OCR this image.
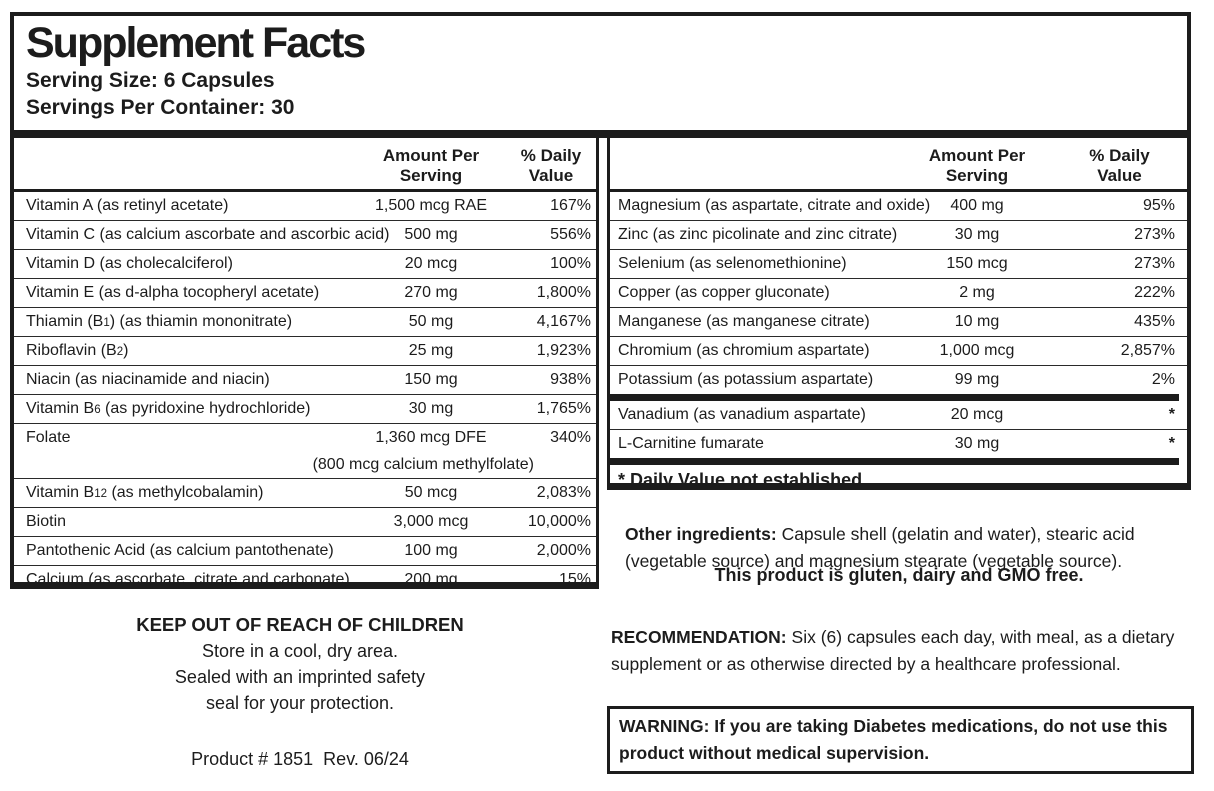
Supplement Facts
Serving Size: 6 Capsules
Servings Per Container: 30
Amount Per
Serving
% Daily
Value
Vitamin A (as retinyl acetate)	1,500 mcg RAE	167%
Vitamin C (as calcium ascorbate and ascorbic acid) 500 mg	556%
Vitamin D (as cholecalciferol)	20 mcg	100%
Vitamin E (as d-alpha tocopheryl acetate)	270 mg	1,800%
Thiamin (B1) (as thiamin mononitrate)	50 mg	4,167%
Riboflavin (B2)	25 mg	1,923%
Niacin (as niacinamide and niacin)	150 mg	938%
Vitamin B6 (as pyridoxine hydrochloride)	30 mg	1,765%
Folate	1,360 mcg DFE	340%
(800 mcg calcium methylfolate)
Vitamin B12 (as methylcobalamin)	50 mcg	2,083%
Biotin	3,000 mcg	10,000%
Pantothenic Acid (as calcium pantothenate)	100 mg	2,000%
Calcium (as ascorbate, citrate and carbonate)	200 mg	15%
Amount Per
Serving
% Daily
Value
Magnesium (as aspartate, citrate and oxide)	400 mg	95%
Zinc (as zinc picolinate and zinc citrate)	30 mg	273%
Selenium (as selenomethionine)	150 mcg	273%
Copper (as copper gluconate)	2 mg	222%
Manganese (as manganese citrate)	10 mg	435%
Chromium (as chromium aspartate)	1,000 mcg	2,857%
Potassium (as potassium aspartate)	99 mg	2%
Vanadium (as vanadium aspartate)	20 mcg	*
L-Carnitine fumarate	30 mg	*
* Daily Value not established
KEEP OUT OF REACH OF CHILDREN
Store in a cool, dry area.
Sealed with an imprinted safety
seal for your protection.
Product # 1851  Rev. 06/24

Other ingredients: Capsule shell (gelatin and water), stearic acid (vegetable source) and magnesium stearate (vegetable source).

This product is gluten, dairy and GMO free.

RECOMMENDATION: Six (6) capsules each day, with meal, as a dietary supplement or as otherwise directed by a healthcare professional.

WARNING: If you are taking Diabetes medications, do not use this product without medical supervision.
